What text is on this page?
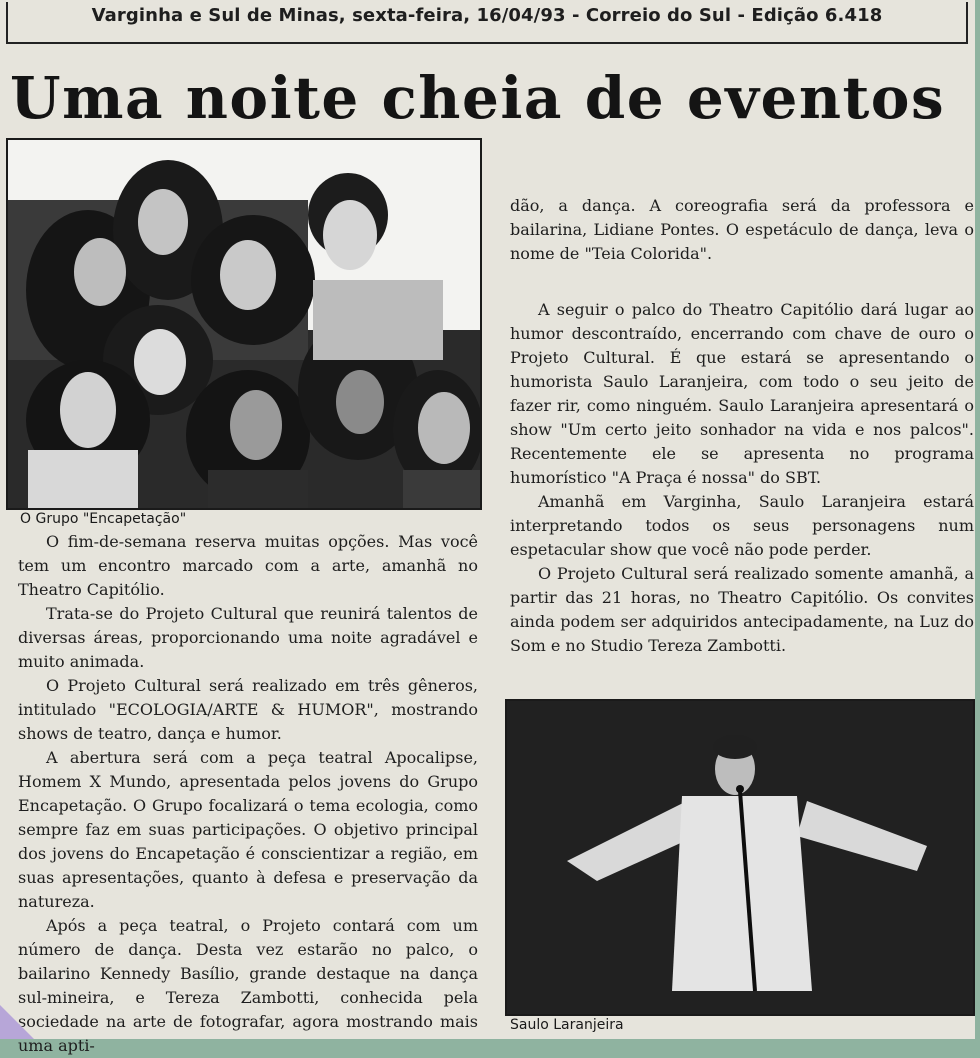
Varginha e Sul de Minas, sexta-feira, 16/04/93 - Correio do Sul - Edição 6.418
Uma noite cheia de eventos
O Grupo "Encapetação"

O fim-de-semana reserva muitas opções. Mas você tem um encontro marcado com a arte, amanhã no Theatro Capitólio.

Trata-se do Projeto Cultural que reunirá talentos de diversas áreas, proporcionando uma noite agradável e muito animada.

O Projeto Cultural será realizado em três gêneros, intitulado "ECOLOGIA/ARTE & HUMOR", mostrando shows de teatro, dança e humor.

A abertura será com a peça teatral Apocalipse, Homem X Mundo, apresentada pelos jovens do Grupo Encapetação. O Grupo focalizará o tema ecologia, como sempre faz em suas participações. O objetivo principal dos jovens do Encapetação é conscientizar a região, em suas apresentações, quanto à defesa e preservação da natureza.

Após a peça teatral, o Projeto contará com um número de dança. Desta vez estarão no palco, o bailarino Kennedy Basílio, grande destaque na dança sul-mineira, e Tereza Zambotti, conhecida pela sociedade na arte de fotografar, agora mostrando mais uma apti-

dão, a dança. A coreografia será da professora e bailarina, Lidiane Pontes. O espetáculo de dança, leva o nome de "Teia Colorida".

A seguir o palco do Theatro Capitólio dará lugar ao humor descontraído, encerrando com chave de ouro o Projeto Cultural. É que estará se apresentando o humorista Saulo Laranjeira, com todo o seu jeito de fazer rir, como ninguém. Saulo Laranjeira apresentará o show "Um certo jeito sonhador na vida e nos palcos". Recentemente ele se apresenta no programa humorístico "A Praça é nossa" do SBT.

Amanhã em Varginha, Saulo Laranjeira estará interpretando todos os seus personagens num espetacular show que você não pode perder.

O Projeto Cultural será realizado somente amanhã, a partir das 21 horas, no Theatro Capitólio. Os convites ainda podem ser adquiridos antecipadamente, na Luz do Som e no Studio Tereza Zambotti.

Saulo Laranjeira
